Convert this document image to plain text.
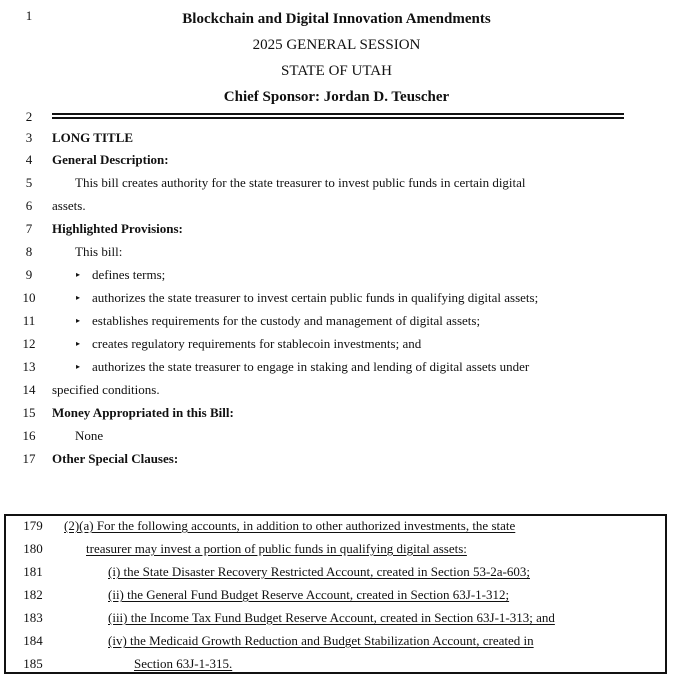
1	Blockchain and Digital Innovation Amendments
2025 GENERAL SESSION
STATE OF UTAH
Chief Sponsor: Jordan D. Teuscher
2
3	LONG TITLE
4	General Description:
5	This bill creates authority for the state treasurer to invest public funds in certain digital
6	assets.
7	Highlighted Provisions:
8	This bill:
9	▸ defines terms;
10	▸ authorizes the state treasurer to invest certain public funds in qualifying digital assets;
11	▸ establishes requirements for the custody and management of digital assets;
12	▸ creates regulatory requirements for stablecoin investments; and
13	▸ authorizes the state treasurer to engage in staking and lending of digital assets under
14	specified conditions.
15	Money Appropriated in this Bill:
16	None
17	Other Special Clauses:
179	(2)(a) For the following accounts, in addition to other authorized investments, the state
180	treasurer may invest a portion of public funds in qualifying digital assets:
181	(i) the State Disaster Recovery Restricted Account, created in Section 53-2a-603;
182	(ii) the General Fund Budget Reserve Account, created in Section 63J-1-312;
183	(iii) the Income Tax Fund Budget Reserve Account, created in Section 63J-1-313; and
184	(iv) the Medicaid Growth Reduction and Budget Stabilization Account, created in
185	Section 63J-1-315.
